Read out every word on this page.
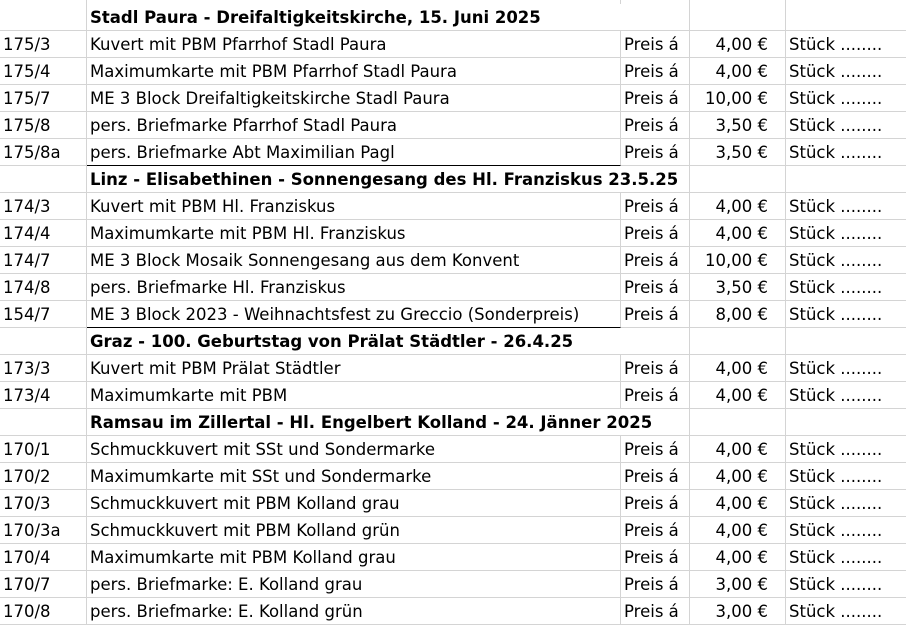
Stadl Paura - Dreifaltigkeitskirche, 15. Juni 2025
175/3	Kuvert mit PBM Pfarrhof Stadl Paura	Preis á	4,00 €	Stück ........
175/4	Maximumkarte mit PBM Pfarrhof Stadl Paura	Preis á	4,00 €	Stück ........
175/7	ME 3 Block Dreifaltigkeitskirche Stadl Paura	Preis á	10,00 €	Stück ........
175/8	pers. Briefmarke Pfarrhof Stadl Paura	Preis á	3,50 €	Stück ........
175/8a	pers. Briefmarke Abt Maximilian Pagl	Preis á	3,50 €	Stück ........
Linz - Elisabethinen - Sonnengesang des Hl. Franziskus 23.5.25
174/3	Kuvert mit PBM Hl. Franziskus	Preis á	4,00 €	Stück ........
174/4	Maximumkarte mit PBM Hl. Franziskus	Preis á	4,00 €	Stück ........
174/7	ME 3 Block Mosaik Sonnengesang aus dem Konvent	Preis á	10,00 €	Stück ........
174/8	pers. Briefmarke Hl. Franziskus	Preis á	3,50 €	Stück ........
154/7	ME 3 Block 2023 - Weihnachtsfest zu Greccio (Sonderpreis)	Preis á	8,00 €	Stück ........
Graz - 100. Geburtstag von Prälat Städtler - 26.4.25
173/3	Kuvert mit PBM Prälat Städtler	Preis á	4,00 €	Stück ........
173/4	Maximumkarte mit PBM	Preis á	4,00 €	Stück ........
Ramsau im Zillertal - Hl. Engelbert Kolland - 24. Jänner 2025
170/1	Schmuckkuvert mit SSt und Sondermarke	Preis á	4,00 €	Stück ........
170/2	Maximumkarte mit SSt und Sondermarke	Preis á	4,00 €	Stück ........
170/3	Schmuckkuvert mit PBM Kolland grau	Preis á	4,00 €	Stück ........
170/3a	Schmuckkuvert mit PBM Kolland grün	Preis á	4,00 €	Stück ........
170/4	Maximumkarte mit PBM Kolland grau	Preis á	4,00 €	Stück ........
170/7	pers. Briefmarke: E. Kolland grau	Preis á	3,00 €	Stück ........
170/8	pers. Briefmarke: E. Kolland grün	Preis á	3,00 €	Stück ........
